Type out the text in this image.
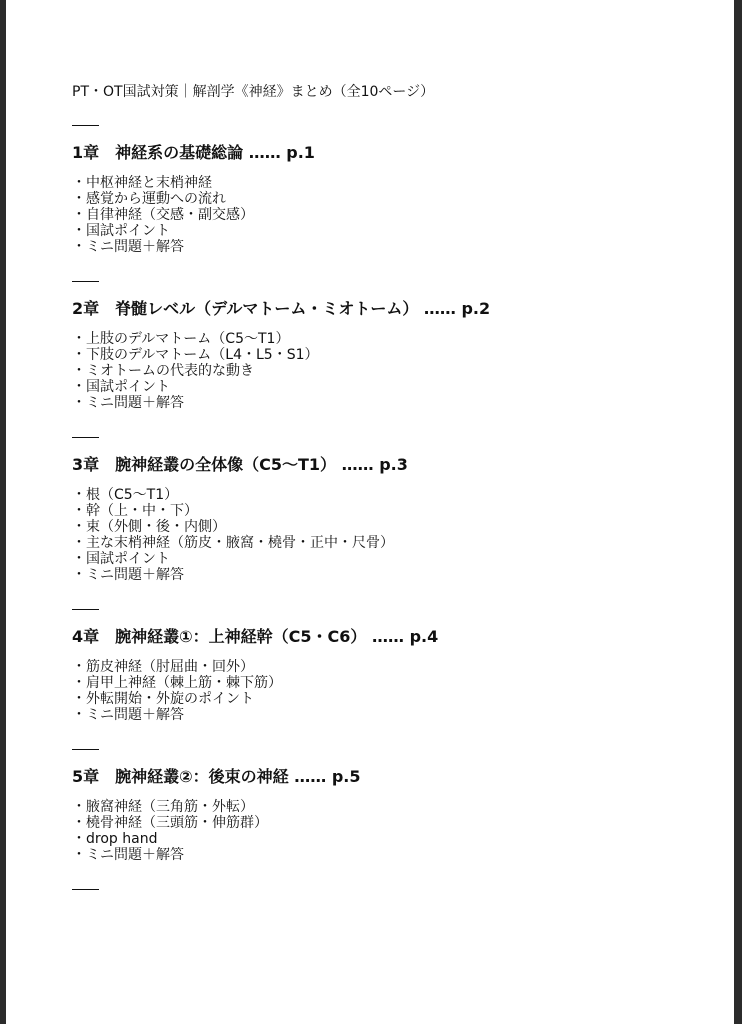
PT・OT国試対策｜解剖学《神経》まとめ（全10ページ）

1章　神経系の基礎総論 …… p.1
・中枢神経と末梢神経
・感覚から運動への流れ
・自律神経（交感・副交感）
・国試ポイント
・ミニ問題＋解答
2章　脊髄レベル（デルマトーム・ミオトーム） …… p.2
・上肢のデルマトーム（C5〜T1）
・下肢のデルマトーム（L4・L5・S1）
・ミオトームの代表的な動き
・国試ポイント
・ミニ問題＋解答
3章　腕神経叢の全体像（C5〜T1） …… p.3
・根（C5〜T1）
・幹（上・中・下）
・束（外側・後・内側）
・主な末梢神経（筋皮・腋窩・橈骨・正中・尺骨）
・国試ポイント
・ミニ問題＋解答
4章　腕神経叢①：上神経幹（C5・C6） …… p.4
・筋皮神経（肘屈曲・回外）
・肩甲上神経（棘上筋・棘下筋）
・外転開始・外旋のポイント
・ミニ問題＋解答
5章　腕神経叢②：後束の神経 …… p.5
・腋窩神経（三角筋・外転）
・橈骨神経（三頭筋・伸筋群）
・drop hand
・ミニ問題＋解答
